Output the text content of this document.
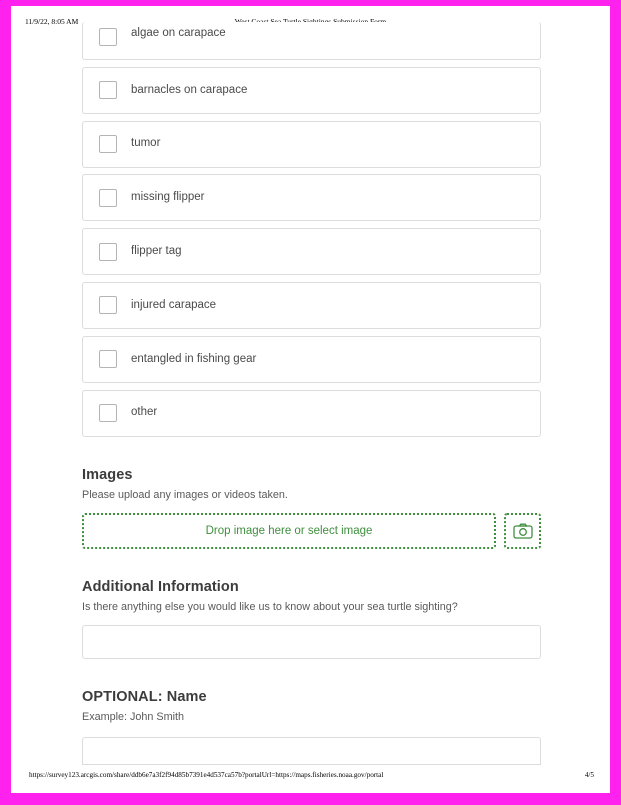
11/9/22, 8:05 AM
algae on carapace
barnacles on carapace
tumor
missing flipper
flipper tag
injured carapace
entangled in fishing gear
other
Images

Please upload any images or videos taken.

Drop image here or select image
Additional Information

Is there anything else you would like us to know about your sea turtle sighting?

OPTIONAL: Name

Example: John Smith

https://survey123.arcgis.com/share/ddb6e7a3f2f94d85b7391e4d537ca57b?portalUrl=https://maps.fisheries.noaa.gov/portal	4/5
